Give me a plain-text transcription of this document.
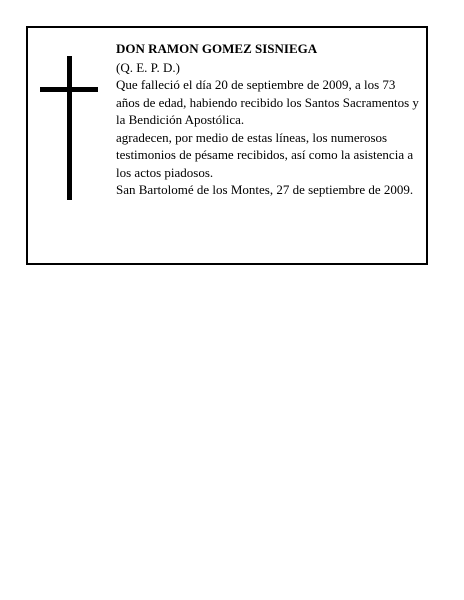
DON RAMON GOMEZ SISNIEGA

(Q. E. P. D.)

Que falleció el día 20 de septiembre de 2009, a los 73 años de edad, habiendo recibido los Santos Sacramentos y la Bendición Apostólica.

agradecen, por medio de estas líneas, los numerosos testimonios de pésame recibidos, así como la asistencia a los actos piadosos.

San Bartolomé de los Montes, 27 de septiembre de 2009.
